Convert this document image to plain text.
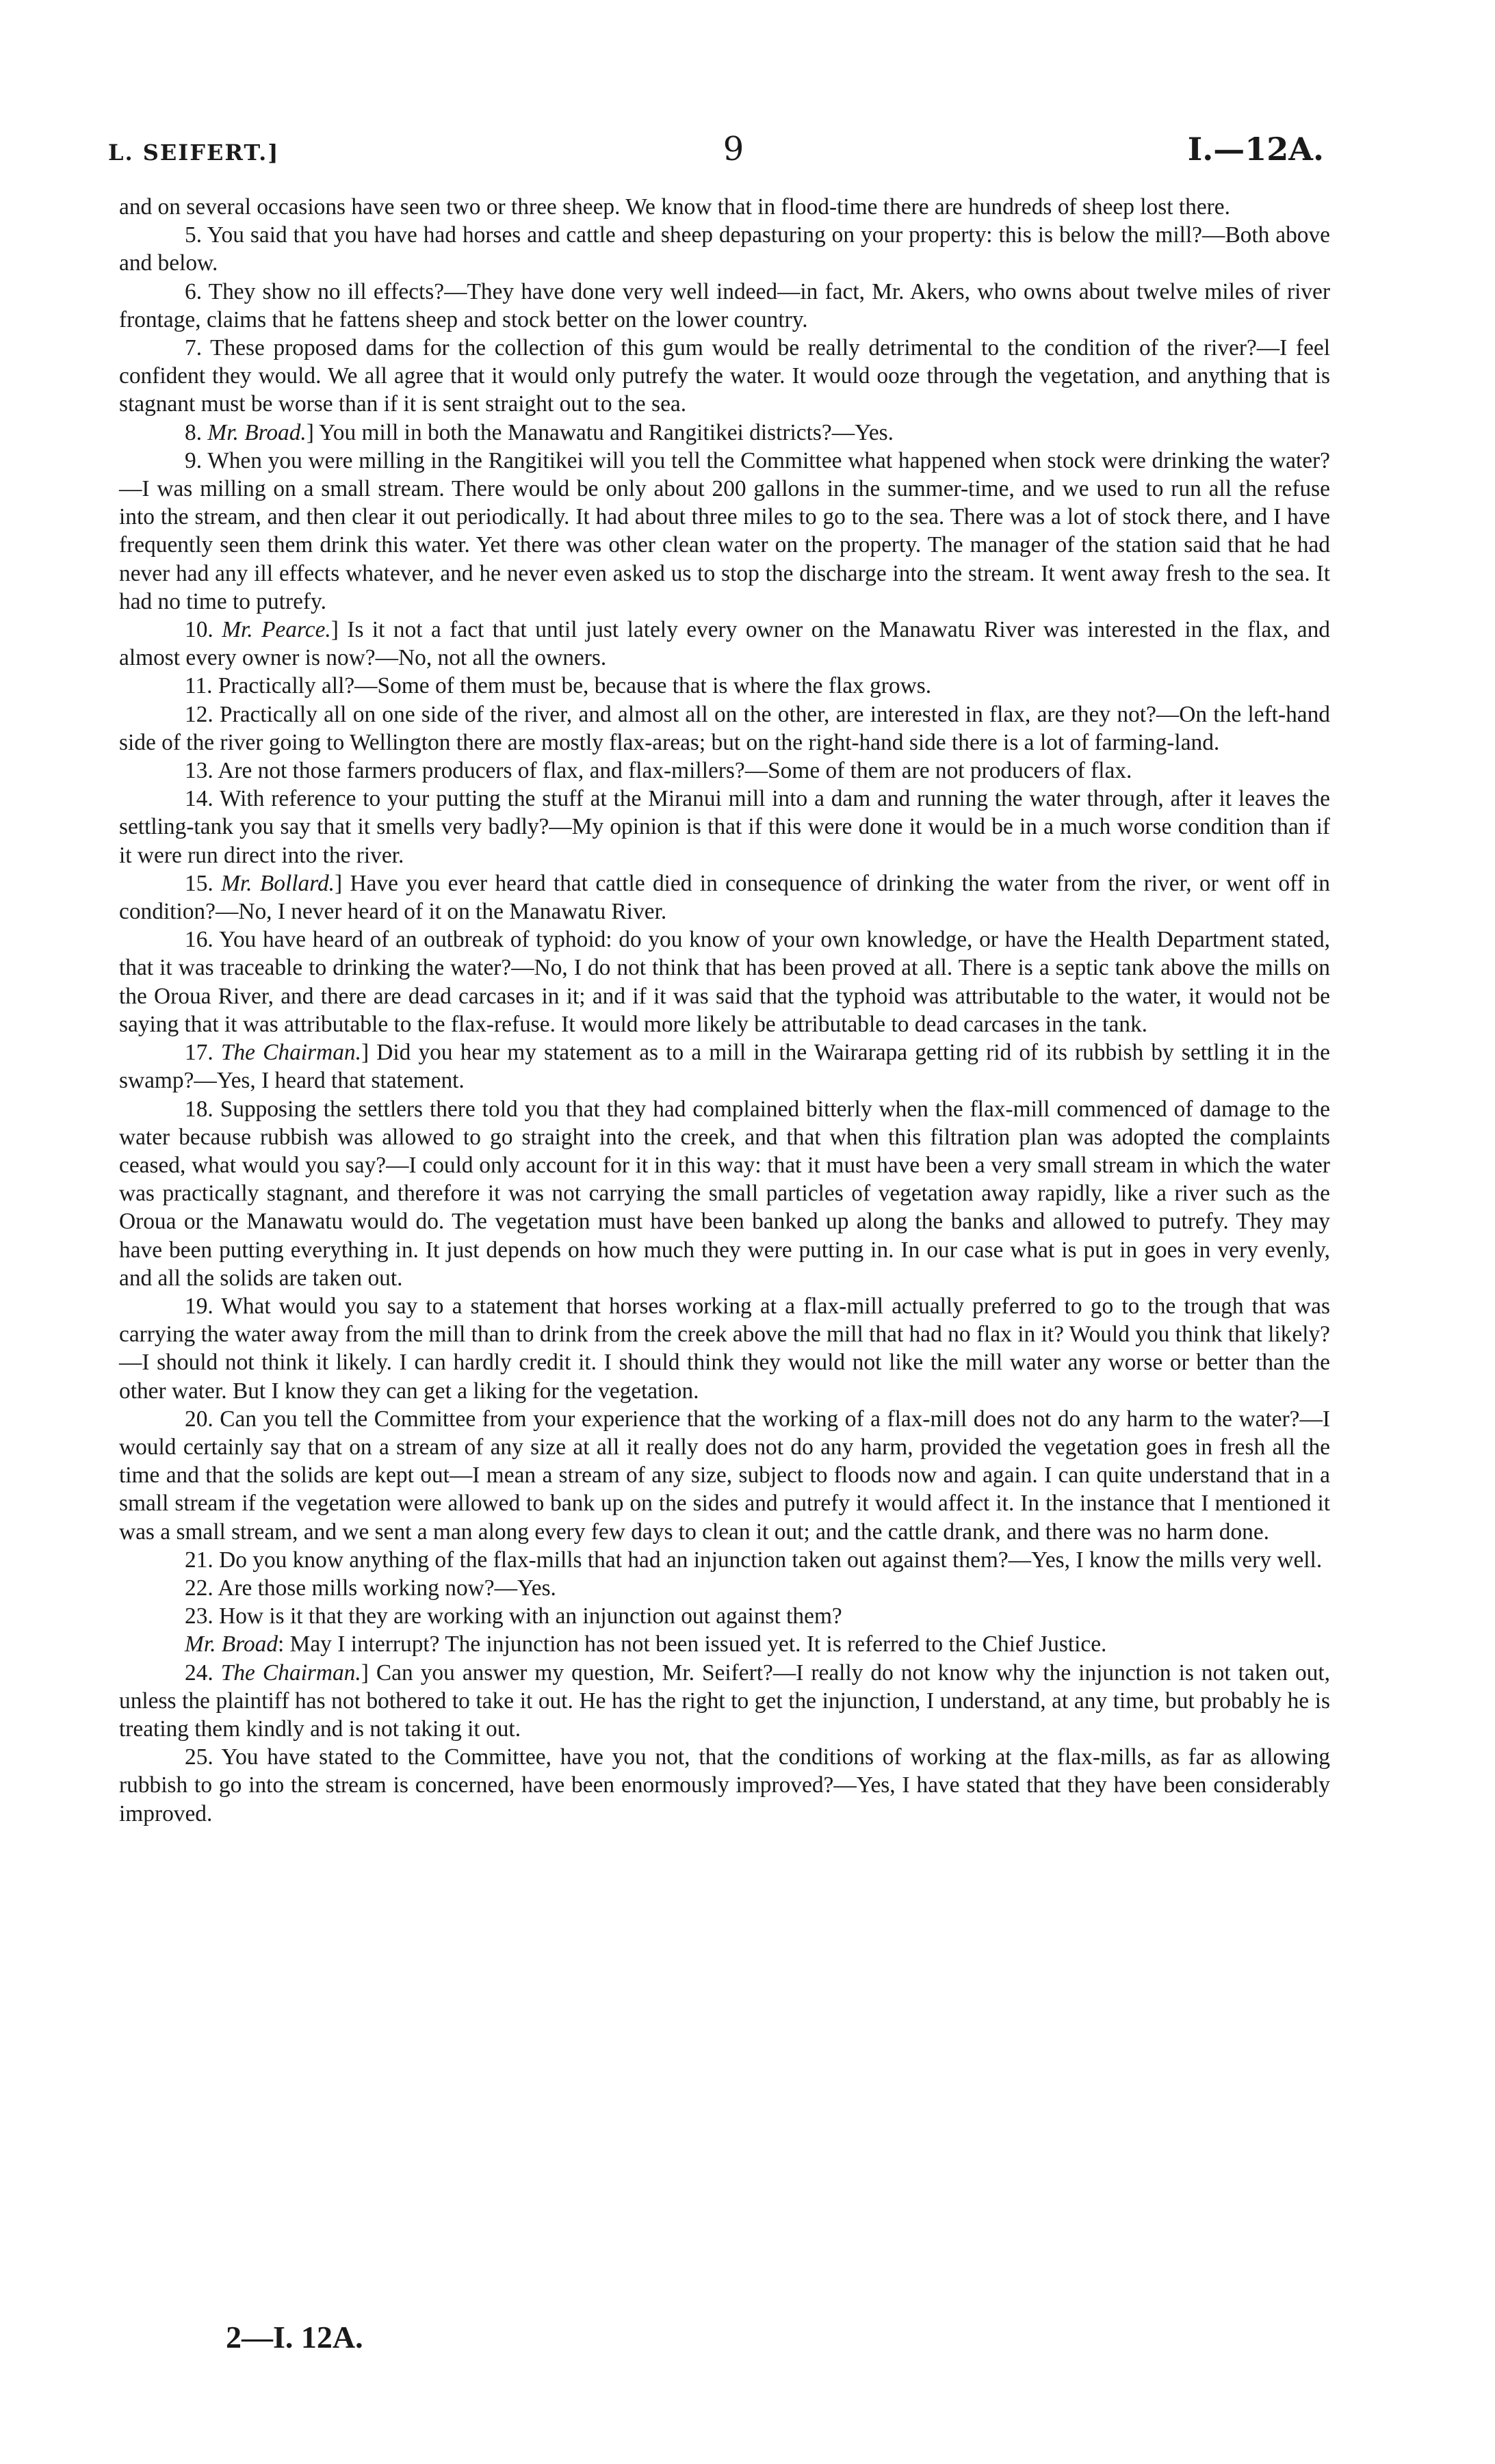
L. SEIFERT.]	9	I.—12A.

and on several occasions have seen two or three sheep. We know that in flood-time there are hundreds of sheep lost there.

5. You said that you have had horses and cattle and sheep depasturing on your property: this is below the mill?—Both above and below.

6. They show no ill effects?—They have done very well indeed—in fact, Mr. Akers, who owns about twelve miles of river frontage, claims that he fattens sheep and stock better on the lower country.

7. These proposed dams for the collection of this gum would be really detrimental to the condition of the river?—I feel confident they would. We all agree that it would only putrefy the water. It would ooze through the vegetation, and anything that is stagnant must be worse than if it is sent straight out to the sea.

8. Mr. Broad.] You mill in both the Manawatu and Rangitikei districts?—Yes.

9. When you were milling in the Rangitikei will you tell the Committee what happened when stock were drinking the water?—I was milling on a small stream. There would be only about 200 gallons in the summer-time, and we used to run all the refuse into the stream, and then clear it out periodically. It had about three miles to go to the sea. There was a lot of stock there, and I have frequently seen them drink this water. Yet there was other clean water on the property. The manager of the station said that he had never had any ill effects whatever, and he never even asked us to stop the discharge into the stream. It went away fresh to the sea. It had no time to putrefy.

10. Mr. Pearce.] Is it not a fact that until just lately every owner on the Manawatu River was interested in the flax, and almost every owner is now?—No, not all the owners.

11. Practically all?—Some of them must be, because that is where the flax grows.

12. Practically all on one side of the river, and almost all on the other, are interested in flax, are they not?—On the left-hand side of the river going to Wellington there are mostly flax-areas; but on the right-hand side there is a lot of farming-land.

13. Are not those farmers producers of flax, and flax-millers?—Some of them are not producers of flax.

14. With reference to your putting the stuff at the Miranui mill into a dam and running the water through, after it leaves the settling-tank you say that it smells very badly?—My opinion is that if this were done it would be in a much worse condition than if it were run direct into the river.

15. Mr. Bollard.] Have you ever heard that cattle died in consequence of drinking the water from the river, or went off in condition?—No, I never heard of it on the Manawatu River.

16. You have heard of an outbreak of typhoid: do you know of your own knowledge, or have the Health Department stated, that it was traceable to drinking the water?—No, I do not think that has been proved at all. There is a septic tank above the mills on the Oroua River, and there are dead carcases in it; and if it was said that the typhoid was attributable to the water, it would not be saying that it was attributable to the flax-refuse. It would more likely be attributable to dead carcases in the tank.

17. The Chairman.] Did you hear my statement as to a mill in the Wairarapa getting rid of its rubbish by settling it in the swamp?—Yes, I heard that statement.

18. Supposing the settlers there told you that they had complained bitterly when the flax-mill commenced of damage to the water because rubbish was allowed to go straight into the creek, and that when this filtration plan was adopted the complaints ceased, what would you say?—I could only account for it in this way: that it must have been a very small stream in which the water was practically stagnant, and therefore it was not carrying the small particles of vegetation away rapidly, like a river such as the Oroua or the Manawatu would do. The vegetation must have been banked up along the banks and allowed to putrefy. They may have been putting everything in. It just depends on how much they were putting in. In our case what is put in goes in very evenly, and all the solids are taken out.

19. What would you say to a statement that horses working at a flax-mill actually preferred to go to the trough that was carrying the water away from the mill than to drink from the creek above the mill that had no flax in it? Would you think that likely?—I should not think it likely. I can hardly credit it. I should think they would not like the mill water any worse or better than the other water. But I know they can get a liking for the vegetation.

20. Can you tell the Committee from your experience that the working of a flax-mill does not do any harm to the water?—I would certainly say that on a stream of any size at all it really does not do any harm, provided the vegetation goes in fresh all the time and that the solids are kept out—I mean a stream of any size, subject to floods now and again. I can quite understand that in a small stream if the vegetation were allowed to bank up on the sides and putrefy it would affect it. In the instance that I mentioned it was a small stream, and we sent a man along every few days to clean it out; and the cattle drank, and there was no harm done.

21. Do you know anything of the flax-mills that had an injunction taken out against them?—Yes, I know the mills very well.

22. Are those mills working now?—Yes.

23. How is it that they are working with an injunction out against them?

Mr. Broad: May I interrupt? The injunction has not been issued yet. It is referred to the Chief Justice.

24. The Chairman.] Can you answer my question, Mr. Seifert?—I really do not know why the injunction is not taken out, unless the plaintiff has not bothered to take it out. He has the right to get the injunction, I understand, at any time, but probably he is treating them kindly and is not taking it out.

25. You have stated to the Committee, have you not, that the conditions of working at the flax-mills, as far as allowing rubbish to go into the stream is concerned, have been enormously improved?—Yes, I have stated that they have been considerably improved.

2—I. 12A.
